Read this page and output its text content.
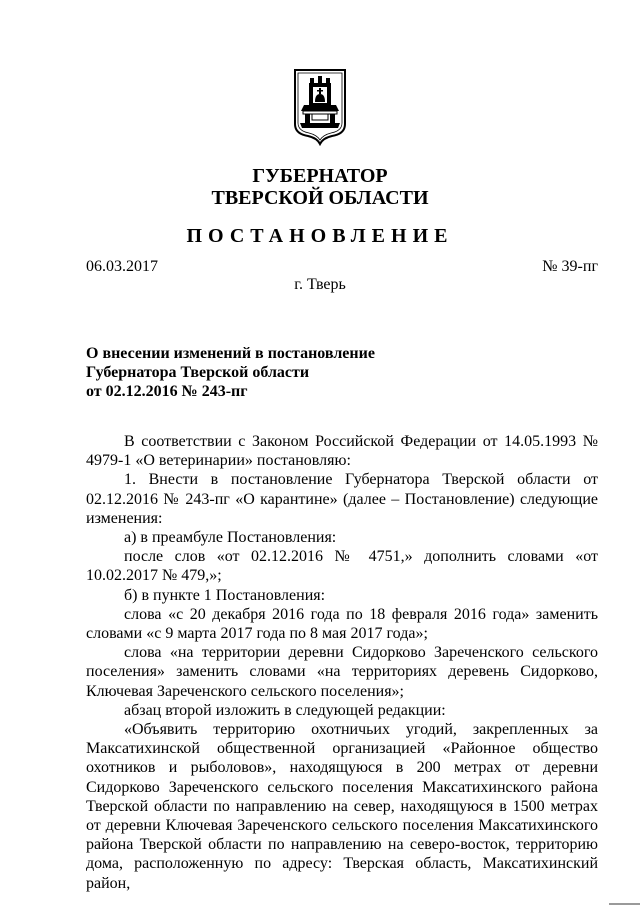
ГУБЕРНАТОР
ТВЕРСКОЙ ОБЛАСТИ
ПОСТАНОВЛЕНИЕ
06.03.2017	№ 39-пг
г. Тверь
О внесении изменений в постановление
Губернатора Тверской области
от 02.12.2016 № 243-пг

В соответствии с Законом Российской Федерации от 14.05.1993 № 4979-1 «О ветеринарии» постановляю:

1. Внести в постановление Губернатора Тверской области от 02.12.2016 № 243-пг «О карантине» (далее – Постановление) следующие изменения:

а) в преамбуле Постановления:

после слов «от 02.12.2016 № 4751,» дополнить словами «от 10.02.2017 № 479,»;

б) в пункте 1 Постановления:

слова «с 20 декабря 2016 года по 18 февраля 2016 года» заменить словами «с 9 марта 2017 года по 8 мая 2017 года»;

слова «на территории деревни Сидорково Зареченского сельского поселения» заменить словами «на территориях деревень Сидорково, Ключевая Зареченского сельского поселения»;

абзац второй изложить в следующей редакции:

«Объявить территорию охотничьих угодий, закрепленных за Максатихинской общественной организацией «Районное общество охотников и рыболовов», находящуюся в 200 метрах от деревни Сидорково Зареченского сельского поселения Максатихинского района Тверской области по направлению на север, находящуюся в 1500 метрах от деревни Ключевая Зареченского сельского поселения Максатихинского района Тверской области по направлению на северо-восток, территорию дома, расположенную по адресу: Тверская область, Максатихинский район,
